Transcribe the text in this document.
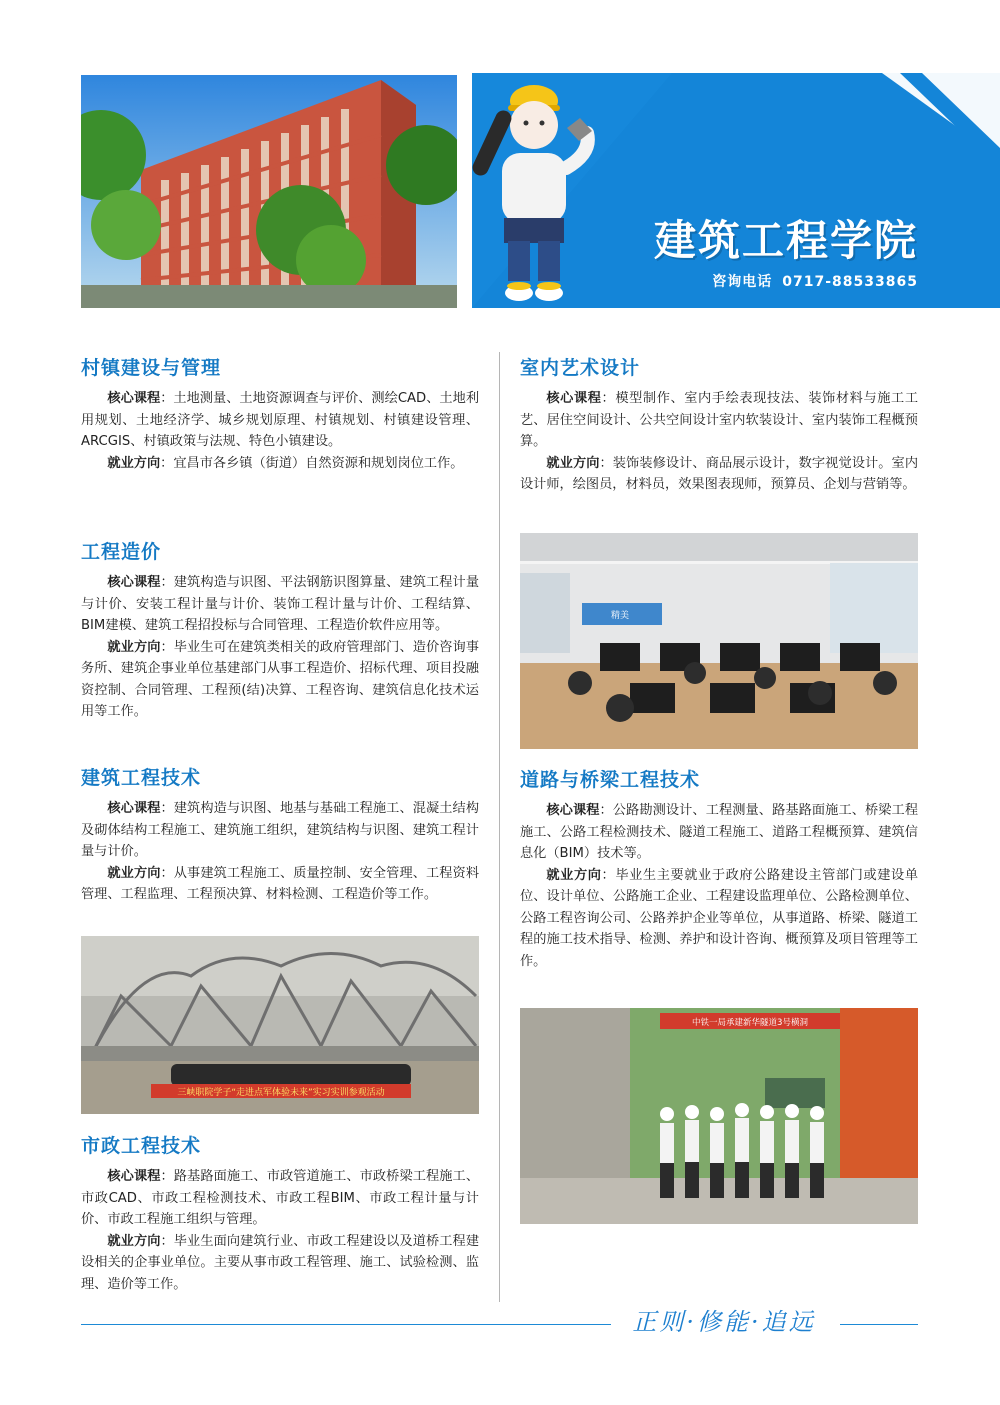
建筑工程学院
咨询电话 0717-88533865
村镇建设与管理

核心课程：土地测量、土地资源调查与评价、测绘CAD、土地利用规划、土地经济学、城乡规划原理、村镇规划、村镇建设管理、ARCGIS、村镇政策与法规、特色小镇建设。

就业方向：宜昌市各乡镇（街道）自然资源和规划岗位工作。

工程造价

核心课程：建筑构造与识图、平法钢筋识图算量、建筑工程计量与计价、安装工程计量与计价、装饰工程计量与计价、工程结算、BIM建模、建筑工程招投标与合同管理、工程造价软件应用等。

就业方向：毕业生可在建筑类相关的政府管理部门、造价咨询事务所、建筑企事业单位基建部门从事工程造价、招标代理、项目投融资控制、合同管理、工程预(结)决算、工程咨询、建筑信息化技术运用等工作。

建筑工程技术

核心课程：建筑构造与识图、地基与基础工程施工、混凝土结构及砌体结构工程施工、建筑施工组织，建筑结构与识图、建筑工程计量与计价。

就业方向：从事建筑工程施工、质量控制、安全管理、工程资料管理、工程监理、工程预决算、材料检测、工程造价等工作。

三峡职院学子“走进点军体验未来”实习实训参观活动
市政工程技术

核心课程：路基路面施工、市政管道施工、市政桥梁工程施工、市政CAD、市政工程检测技术、市政工程BIM、市政工程计量与计价、市政工程施工组织与管理。

就业方向：毕业生面向建筑行业、市政工程建设以及道桥工程建设相关的企事业单位。主要从事市政工程管理、施工、试验检测、监理、造价等工作。

室内艺术设计

核心课程：模型制作、室内手绘表现技法、装饰材料与施工工艺、居住空间设计、公共空间设计室内软装设计、室内装饰工程概预算。

就业方向：装饰装修设计、商品展示设计，数字视觉设计。室内设计师，绘图员，材料员，效果图表现师，预算员、企划与营销等。

精美
道路与桥梁工程技术

核心课程：公路勘测设计、工程测量、路基路面施工、桥梁工程施工、公路工程检测技术、隧道工程施工、道路工程概预算、建筑信息化（BIM）技术等。

就业方向：毕业生主要就业于政府公路建设主管部门或建设单位、设计单位、公路施工企业、工程建设监理单位、公路检测单位、公路工程咨询公司、公路养护企业等单位，从事道路、桥梁、隧道工程的施工技术指导、检测、养护和设计咨询、概预算及项目管理等工作。

中铁一局承建新华隧道3号横洞
正则·修能·追远
